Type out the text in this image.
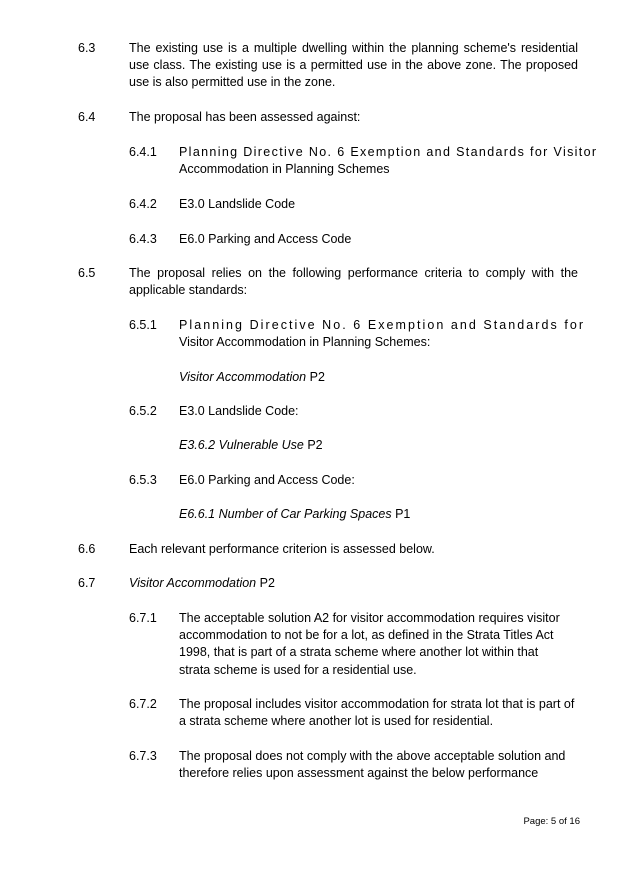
6.3	The existing use is a multiple dwelling within the planning scheme's residential use class. The existing use is a permitted use in the above zone. The proposed use is also permitted use in the zone.
6.4	The proposal has been assessed against:
6.4.1 Planning Directive No. 6 Exemption and Standards for Visitor
Accommodation in Planning Schemes
6.4.2 E3.0 Landslide Code
6.4.3 E6.0 Parking and Access Code
6.5	The proposal relies on the following performance criteria to comply with the applicable standards:
6.5.1 Planning Directive No. 6 Exemption and Standards for
Visitor Accommodation in Planning Schemes:
Visitor Accommodation P2
6.5.2 E3.0 Landslide Code:
E3.6.2 Vulnerable Use P2
6.5.3 E6.0 Parking and Access Code:
E6.6.1 Number of Car Parking Spaces P1
6.6	Each relevant performance criterion is assessed below.
6.7	Visitor Accommodation P2
6.7.1 The acceptable solution A2 for visitor accommodation requires visitor accommodation to not be for a lot, as defined in the Strata Titles Act 1998, that is part of a strata scheme where another lot within that strata scheme is used for a residential use.
6.7.2 The proposal includes visitor accommodation for strata lot that is part of a strata scheme where another lot is used for residential.
6.7.3 The proposal does not comply with the above acceptable solution and therefore relies upon assessment against the below performance
Page: 5 of 16
